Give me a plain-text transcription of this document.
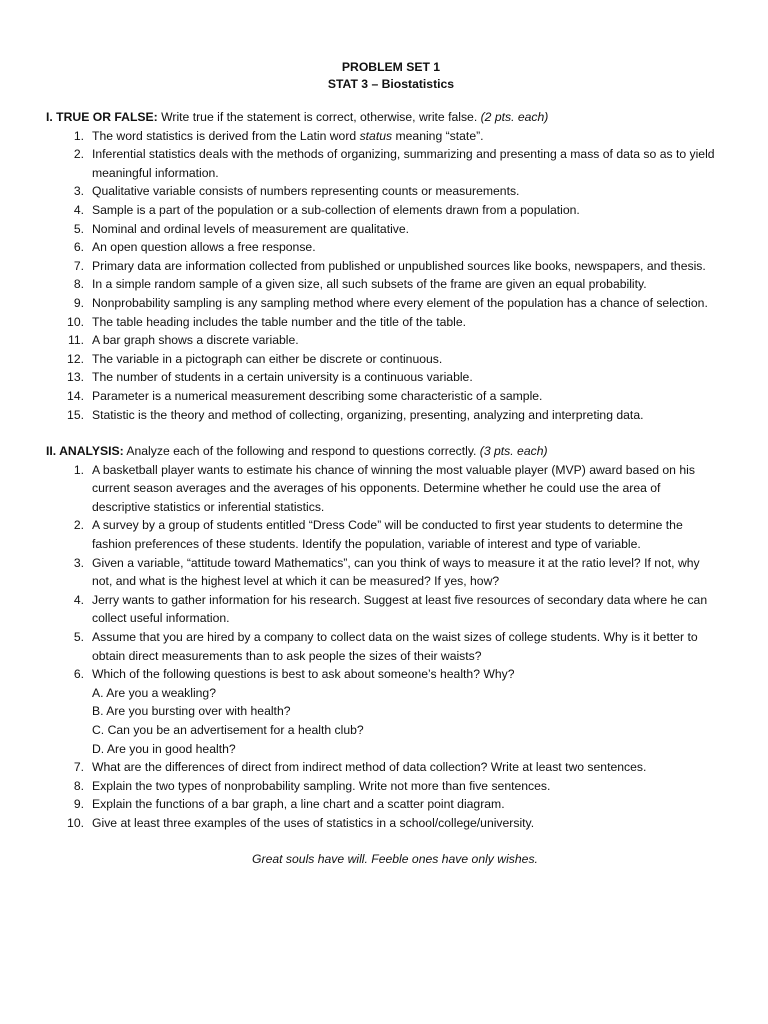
PROBLEM SET 1
STAT 3 – Biostatistics
I. TRUE OR FALSE: Write true if the statement is correct, otherwise, write false. (2 pts. each)
1. The word statistics is derived from the Latin word status meaning “state”.
2. Inferential statistics deals with the methods of organizing, summarizing and presenting a mass of data so as to yield meaningful information.
3. Qualitative variable consists of numbers representing counts or measurements.
4. Sample is a part of the population or a sub-collection of elements drawn from a population.
5. Nominal and ordinal levels of measurement are qualitative.
6. An open question allows a free response.
7. Primary data are information collected from published or unpublished sources like books, newspapers, and thesis.
8. In a simple random sample of a given size, all such subsets of the frame are given an equal probability.
9. Nonprobability sampling is any sampling method where every element of the population has a chance of selection.
10. The table heading includes the table number and the title of the table.
11. A bar graph shows a discrete variable.
12. The variable in a pictograph can either be discrete or continuous.
13. The number of students in a certain university is a continuous variable.
14. Parameter is a numerical measurement describing some characteristic of a sample.
15. Statistic is the theory and method of collecting, organizing, presenting, analyzing and interpreting data.
II. ANALYSIS: Analyze each of the following and respond to questions correctly. (3 pts. each)
1. A basketball player wants to estimate his chance of winning the most valuable player (MVP) award based on his current season averages and the averages of his opponents. Determine whether he could use the area of descriptive statistics or inferential statistics.
2. A survey by a group of students entitled “Dress Code” will be conducted to first year students to determine the fashion preferences of these students. Identify the population, variable of interest and type of variable.
3. Given a variable, “attitude toward Mathematics”, can you think of ways to measure it at the ratio level? If not, why not, and what is the highest level at which it can be measured? If yes, how?
4. Jerry wants to gather information for his research. Suggest at least five resources of secondary data where he can collect useful information.
5. Assume that you are hired by a company to collect data on the waist sizes of college students. Why is it better to obtain direct measurements than to ask people the sizes of their waists?
6. Which of the following questions is best to ask about someone’s health? Why?
A. Are you a weakling?
B. Are you bursting over with health?
C. Can you be an advertisement for a health club?
D. Are you in good health?
7. What are the differences of direct from indirect method of data collection? Write at least two sentences.
8. Explain the two types of nonprobability sampling. Write not more than five sentences.
9. Explain the functions of a bar graph, a line chart and a scatter point diagram.
10. Give at least three examples of the uses of statistics in a school/college/university.
Great souls have will. Feeble ones have only wishes.
